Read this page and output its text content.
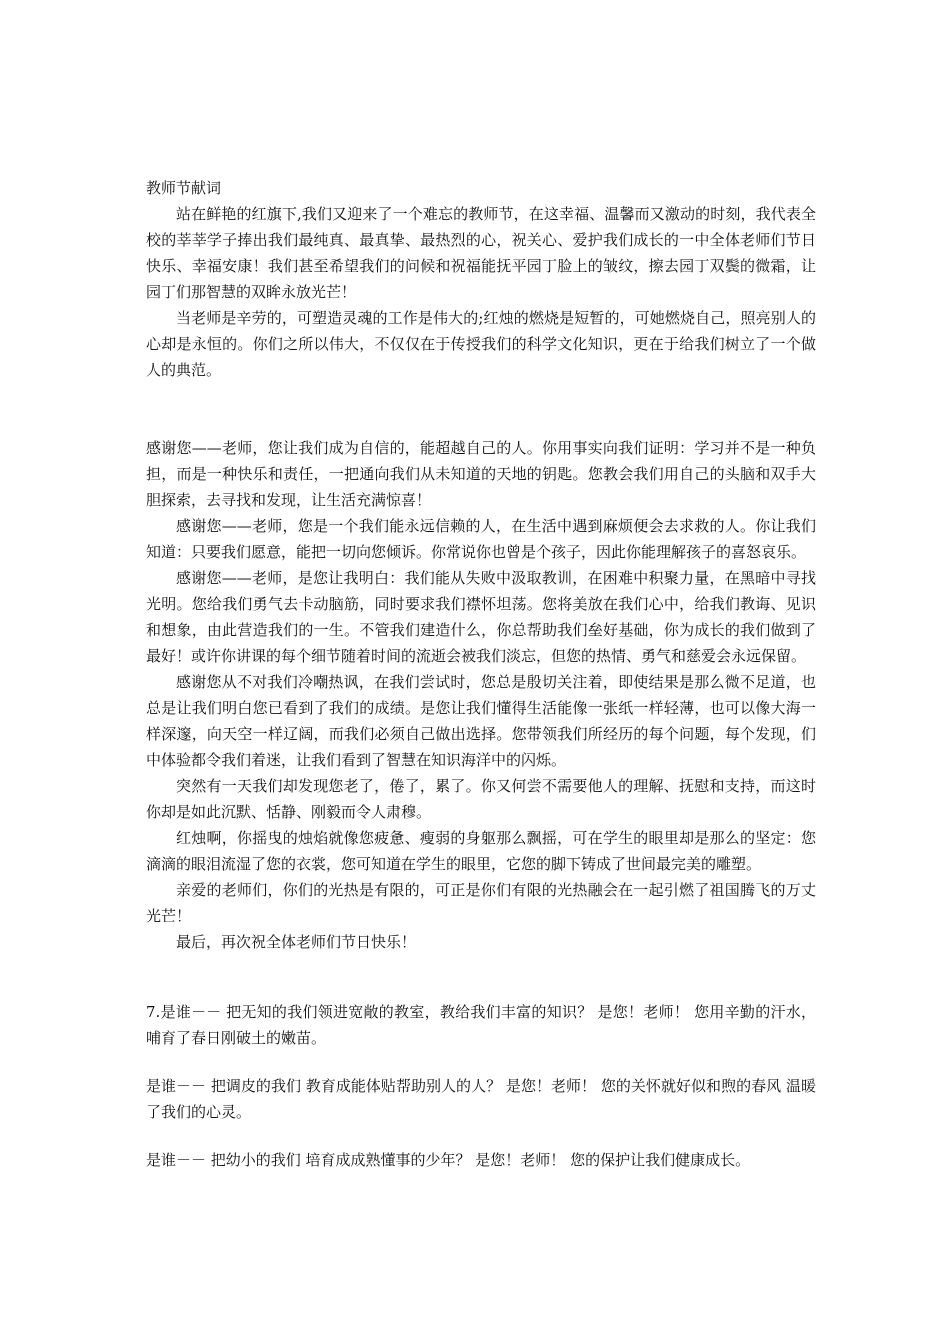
教师节献词

站在鲜艳的红旗下,我们又迎来了一个难忘的教师节，在这幸福、温馨而又激动的时刻，我代表全校的莘莘学子捧出我们最纯真、最真挚、最热烈的心，祝关心、爱护我们成长的一中全体老师们节日快乐、幸福安康！我们甚至希望我们的问候和祝福能抚平园丁脸上的皱纹，擦去园丁双鬓的微霜，让园丁们那智慧的双眸永放光芒！

当老师是辛劳的，可塑造灵魂的工作是伟大的;红烛的燃烧是短暂的，可她燃烧自己，照亮别人的心却是永恒的。你们之所以伟大，不仅仅在于传授我们的科学文化知识，更在于给我们树立了一个做人的典范。

感谢您——老师，您让我们成为自信的，能超越自己的人。你用事实向我们证明：学习并不是一种负担，而是一种快乐和责任，一把通向我们从未知道的天地的钥匙。您教会我们用自己的头脑和双手大胆探索，去寻找和发现，让生活充满惊喜！

感谢您——老师，您是一个我们能永远信赖的人，在生活中遇到麻烦便会去求救的人。你让我们知道：只要我们愿意，能把一切向您倾诉。你常说你也曾是个孩子，因此你能理解孩子的喜怒哀乐。

感谢您——老师，是您让我明白：我们能从失败中汲取教训，在困难中积聚力量，在黑暗中寻找光明。您给我们勇气去卡动脑筋，同时要求我们襟怀坦荡。您将美放在我们心中，给我们教诲、见识和想象，由此营造我们的一生。不管我们建造什么，你总帮助我们垒好基础，你为成长的我们做到了最好！或许你讲课的每个细节随着时间的流逝会被我们淡忘，但您的热情、勇气和慈爱会永远保留。

感谢您从不对我们冷嘲热讽，在我们尝试时，您总是殷切关注着，即使结果是那么微不足道，也总是让我们明白您已看到了我们的成绩。是您让我们懂得生活能像一张纸一样轻薄，也可以像大海一样深邃，向天空一样辽阔，而我们必须自己做出选择。您带领我们所经历的每个问题，每个发现，们中体验都令我们着迷，让我们看到了智慧在知识海洋中的闪烁。

突然有一天我们却发现您老了，倦了，累了。你又何尝不需要他人的理解、抚慰和支持，而这时你却是如此沉默、恬静、刚毅而令人肃穆。

红烛啊，你摇曳的烛焰就像您疲惫、瘦弱的身躯那么飘摇，可在学生的眼里却是那么的坚定：您滴滴的眼泪流湿了您的衣裳，您可知道在学生的眼里，它您的脚下铸成了世间最完美的雕塑。

亲爱的老师们，你们的光热是有限的，可正是你们有限的光热融会在一起引燃了祖国腾飞的万丈光芒！

最后，再次祝全体老师们节日快乐！

7.是谁－－ 把无知的我们领进宽敞的教室，教给我们丰富的知识？ 是您！老师！ 您用辛勤的汗水， 哺育了春日刚破土的嫩苗。

是谁－－ 把调皮的我们 教育成能体贴帮助别人的人？ 是您！老师！ 您的关怀就好似和煦的春风 温暖了我们的心灵。

是谁－－ 把幼小的我们 培育成成熟懂事的少年？ 是您！老师！ 您的保护让我们健康成长。
